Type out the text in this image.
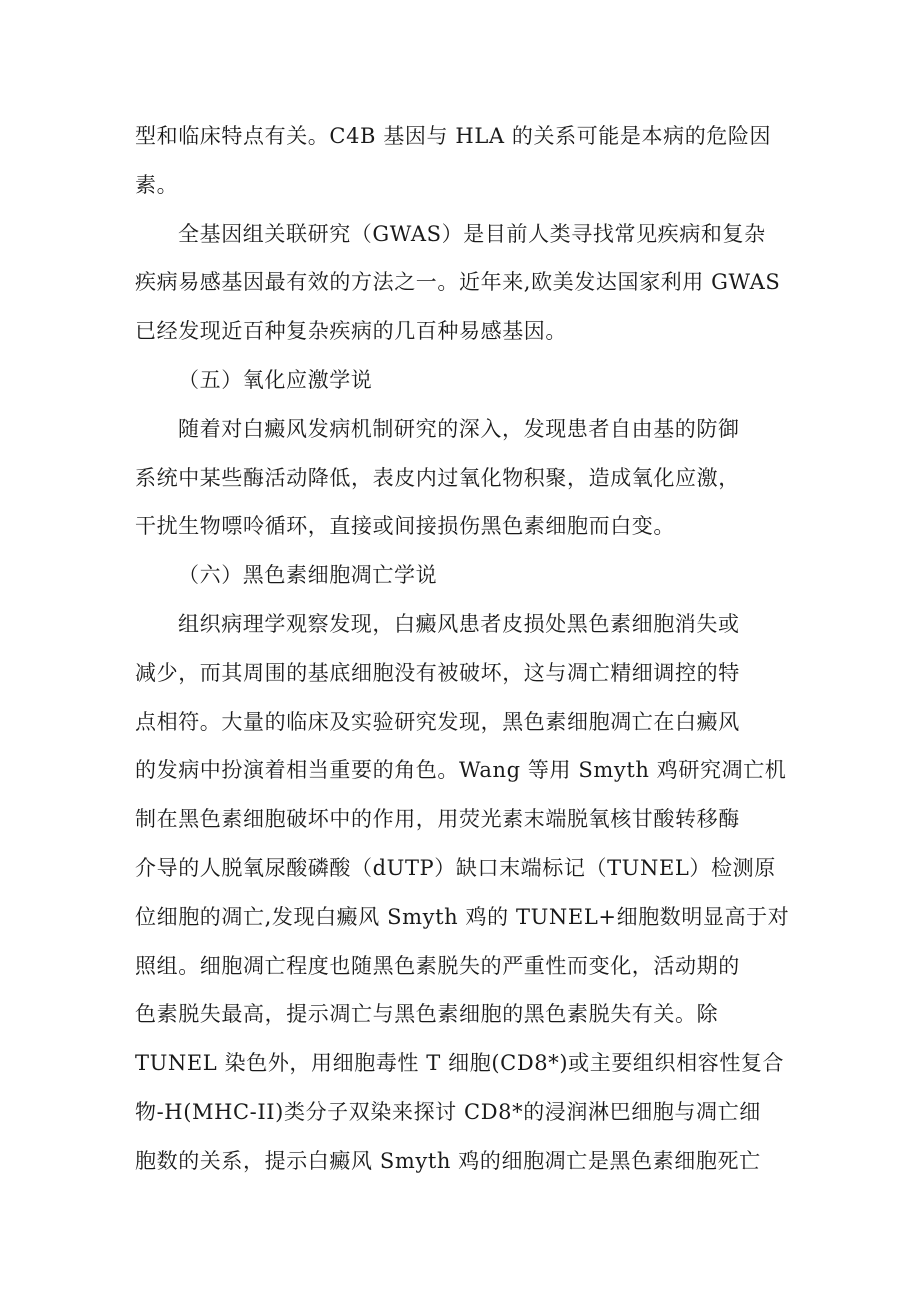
型和临床特点有关。C4B 基因与 HLA 的关系可能是本病的危险因
素。
全基因组关联研究（GWAS）是目前人类寻找常见疾病和复杂
疾病易感基因最有效的方法之一。近年来,欧美发达国家利用 GWAS
已经发现近百种复杂疾病的几百种易感基因。
（五）氧化应激学说
随着对白癜风发病机制研究的深入，发现患者自由基的防御
系统中某些酶活动降低，表皮内过氧化物积聚，造成氧化应激，
干扰生物嘌呤循环，直接或间接损伤黑色素细胞而白变。
（六）黑色素细胞凋亡学说
组织病理学观察发现，白癜风患者皮损处黑色素细胞消失或
减少，而其周围的基底细胞没有被破坏，这与凋亡精细调控的特
点相符。大量的临床及实验研究发现，黑色素细胞凋亡在白癜风
的发病中扮演着相当重要的角色。Wang 等用 Smyth 鸡研究凋亡机
制在黑色素细胞破坏中的作用，用荧光素末端脱氧核甘酸转移酶
介导的人脱氧尿酸磷酸（dUTP）缺口末端标记（TUNEL）检测原
位细胞的凋亡,发现白癜风 Smyth 鸡的 TUNEL+细胞数明显高于对
照组。细胞凋亡程度也随黑色素脱失的严重性而变化，活动期的
色素脱失最高，提示凋亡与黑色素细胞的黑色素脱失有关。除
TUNEL 染色外，用细胞毒性 T 细胞(CD8*)或主要组织相容性复合
物-H(MHC-II)类分子双染来探讨 CD8*的浸润淋巴细胞与凋亡细
胞数的关系，提示白癜风 Smyth 鸡的细胞凋亡是黑色素细胞死亡
